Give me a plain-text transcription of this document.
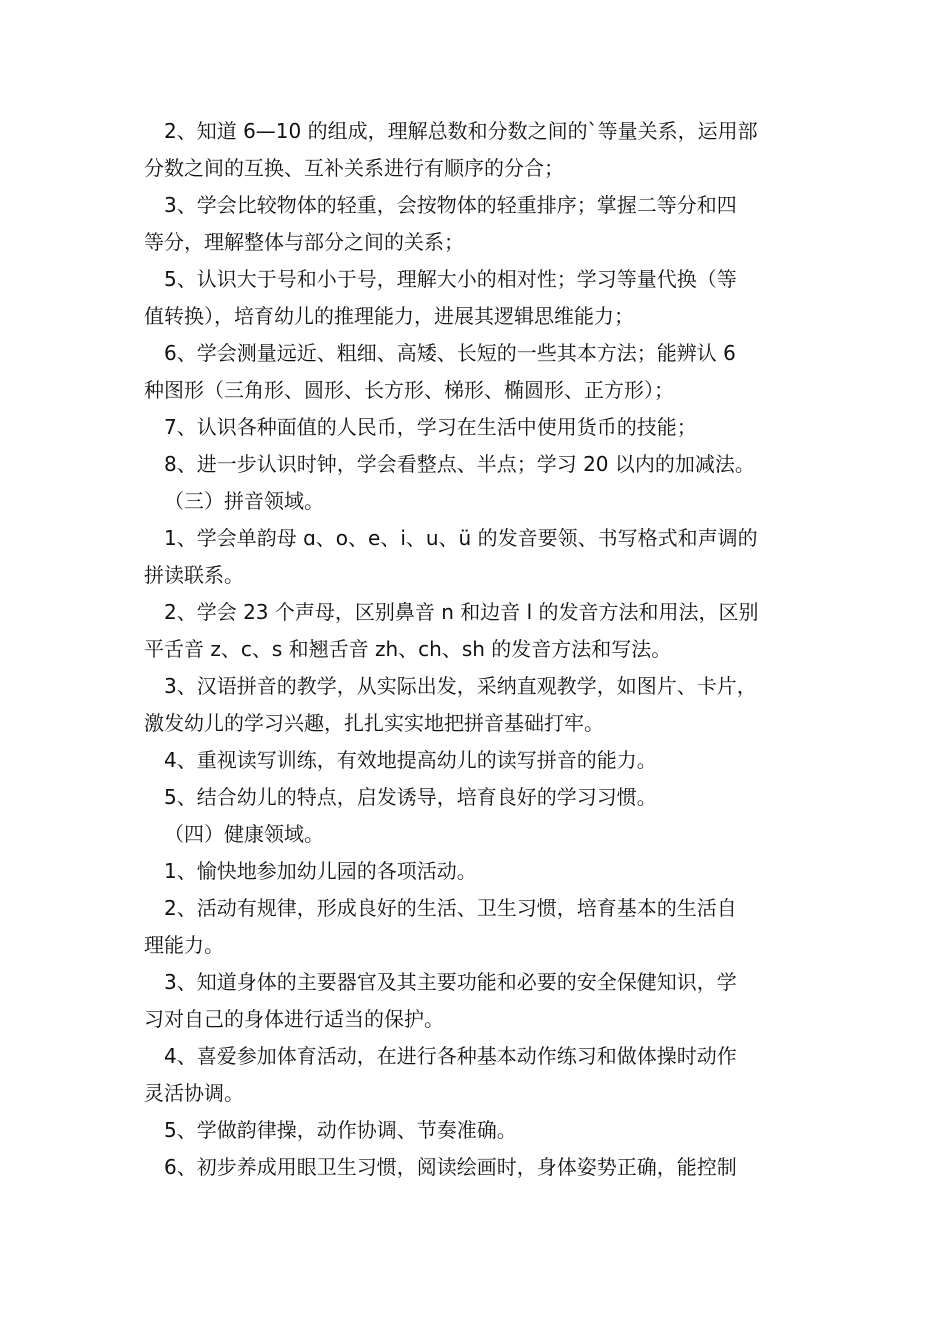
2、知道 6—10 的组成，理解总数和分数之间的`等量关系，运用部
分数之间的互换、互补关系进行有顺序的分合；
3、学会比较物体的轻重，会按物体的轻重排序；掌握二等分和四
等分，理解整体与部分之间的关系；
5、认识大于号和小于号，理解大小的相对性；学习等量代换（等
值转换），培育幼儿的推理能力，进展其逻辑思维能力；
6、学会测量远近、粗细、高矮、长短的一些其本方法；能辨认 6
种图形（三角形、圆形、长方形、梯形、椭圆形、正方形）；
7、认识各种面值的人民币，学习在生活中使用货币的技能；
8、进一步认识时钟，学会看整点、半点；学习 20 以内的加减法。
（三）拼音领域。
1、学会单韵母 ɑ、o、e、i、u、ü 的发音要领、书写格式和声调的
拼读联系。
2、学会 23 个声母，区别鼻音 n 和边音 l 的发音方法和用法，区别
平舌音 z、c、s 和翘舌音 zh、ch、sh 的发音方法和写法。
3、汉语拼音的教学，从实际出发，采纳直观教学，如图片、卡片，
激发幼儿的学习兴趣，扎扎实实地把拼音基础打牢。
4、重视读写训练，有效地提高幼儿的读写拼音的能力。
5、结合幼儿的特点，启发诱导，培育良好的学习习惯。
（四）健康领域。
1、愉快地参加幼儿园的各项活动。
2、活动有规律，形成良好的生活、卫生习惯，培育基本的生活自
理能力。
3、知道身体的主要器官及其主要功能和必要的安全保健知识，学
习对自己的身体进行适当的保护。
4、喜爱参加体育活动，在进行各种基本动作练习和做体操时动作
灵活协调。
5、学做韵律操，动作协调、节奏准确。
6、初步养成用眼卫生习惯，阅读绘画时，身体姿势正确，能控制
